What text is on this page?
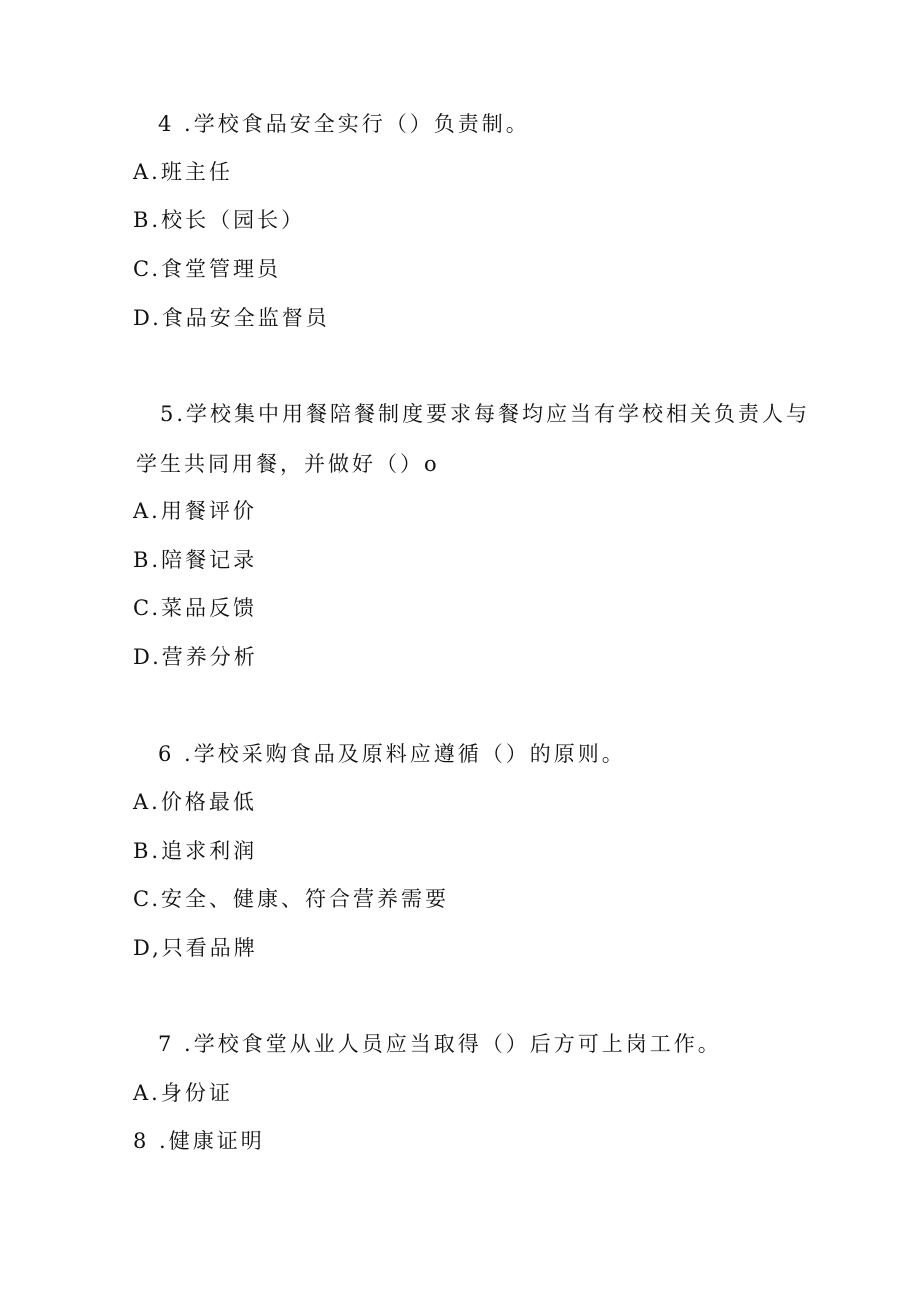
4 .学校食品安全实行（）负责制。
A.班主任
B.校长（园长）
C.食堂管理员
D.食品安全监督员
5.学校集中用餐陪餐制度要求每餐均应当有学校相关负责人与
学生共同用餐，并做好（）o
A.用餐评价
B.陪餐记录
C.菜品反馈
D.营养分析
6 .学校采购食品及原料应遵循（）的原则。
A.价格最低
B.追求利润
C.安全、健康、符合营养需要
D,只看品牌
7 .学校食堂从业人员应当取得（）后方可上岗工作。
A.身份证
8 .健康证明
